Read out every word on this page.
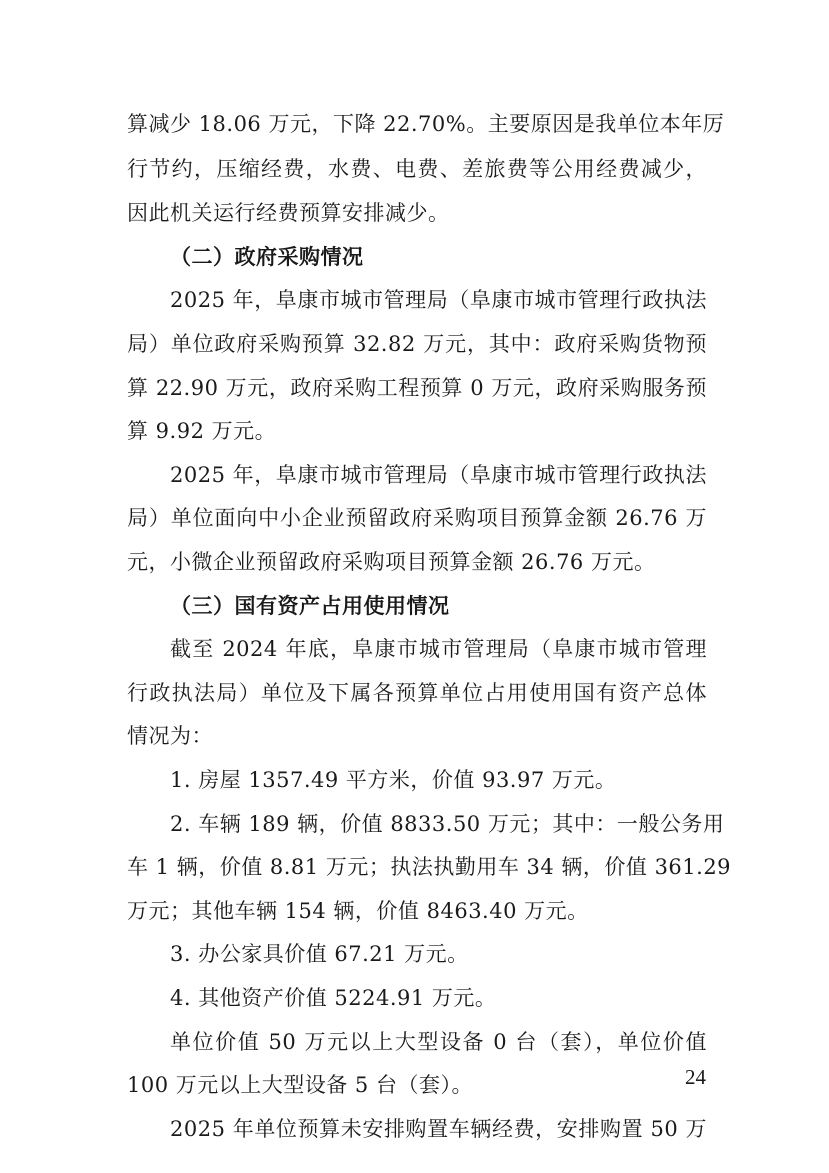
算减少 18.06 万元，下降 22.70%。主要原因是我单位本年厉
行节约，压缩经费，水费、电费、差旅费等公用经费减少，
因此机关运行经费预算安排减少。
（二）政府采购情况
2025 年，阜康市城市管理局（阜康市城市管理行政执法
局）单位政府采购预算 32.82 万元，其中：政府采购货物预
算 22.90 万元，政府采购工程预算 0 万元，政府采购服务预
算 9.92 万元。
2025 年，阜康市城市管理局（阜康市城市管理行政执法
局）单位面向中小企业预留政府采购项目预算金额 26.76 万
元，小微企业预留政府采购项目预算金额 26.76 万元。
（三）国有资产占用使用情况
截至 2024 年底，阜康市城市管理局（阜康市城市管理
行政执法局）单位及下属各预算单位占用使用国有资产总体
情况为：
1. 房屋 1357.49 平方米，价值 93.97 万元。
2. 车辆 189 辆，价值 8833.50 万元；其中：一般公务用
车 1 辆，价值 8.81 万元；执法执勤用车 34 辆，价值 361.29
万元；其他车辆 154 辆，价值 8463.40 万元。
3. 办公家具价值 67.21 万元。
4. 其他资产价值 5224.91 万元。
单位价值 50 万元以上大型设备 0 台（套），单位价值
100 万元以上大型设备 5 台（套）。
2025 年单位预算未安排购置车辆经费，安排购置 50 万
24
